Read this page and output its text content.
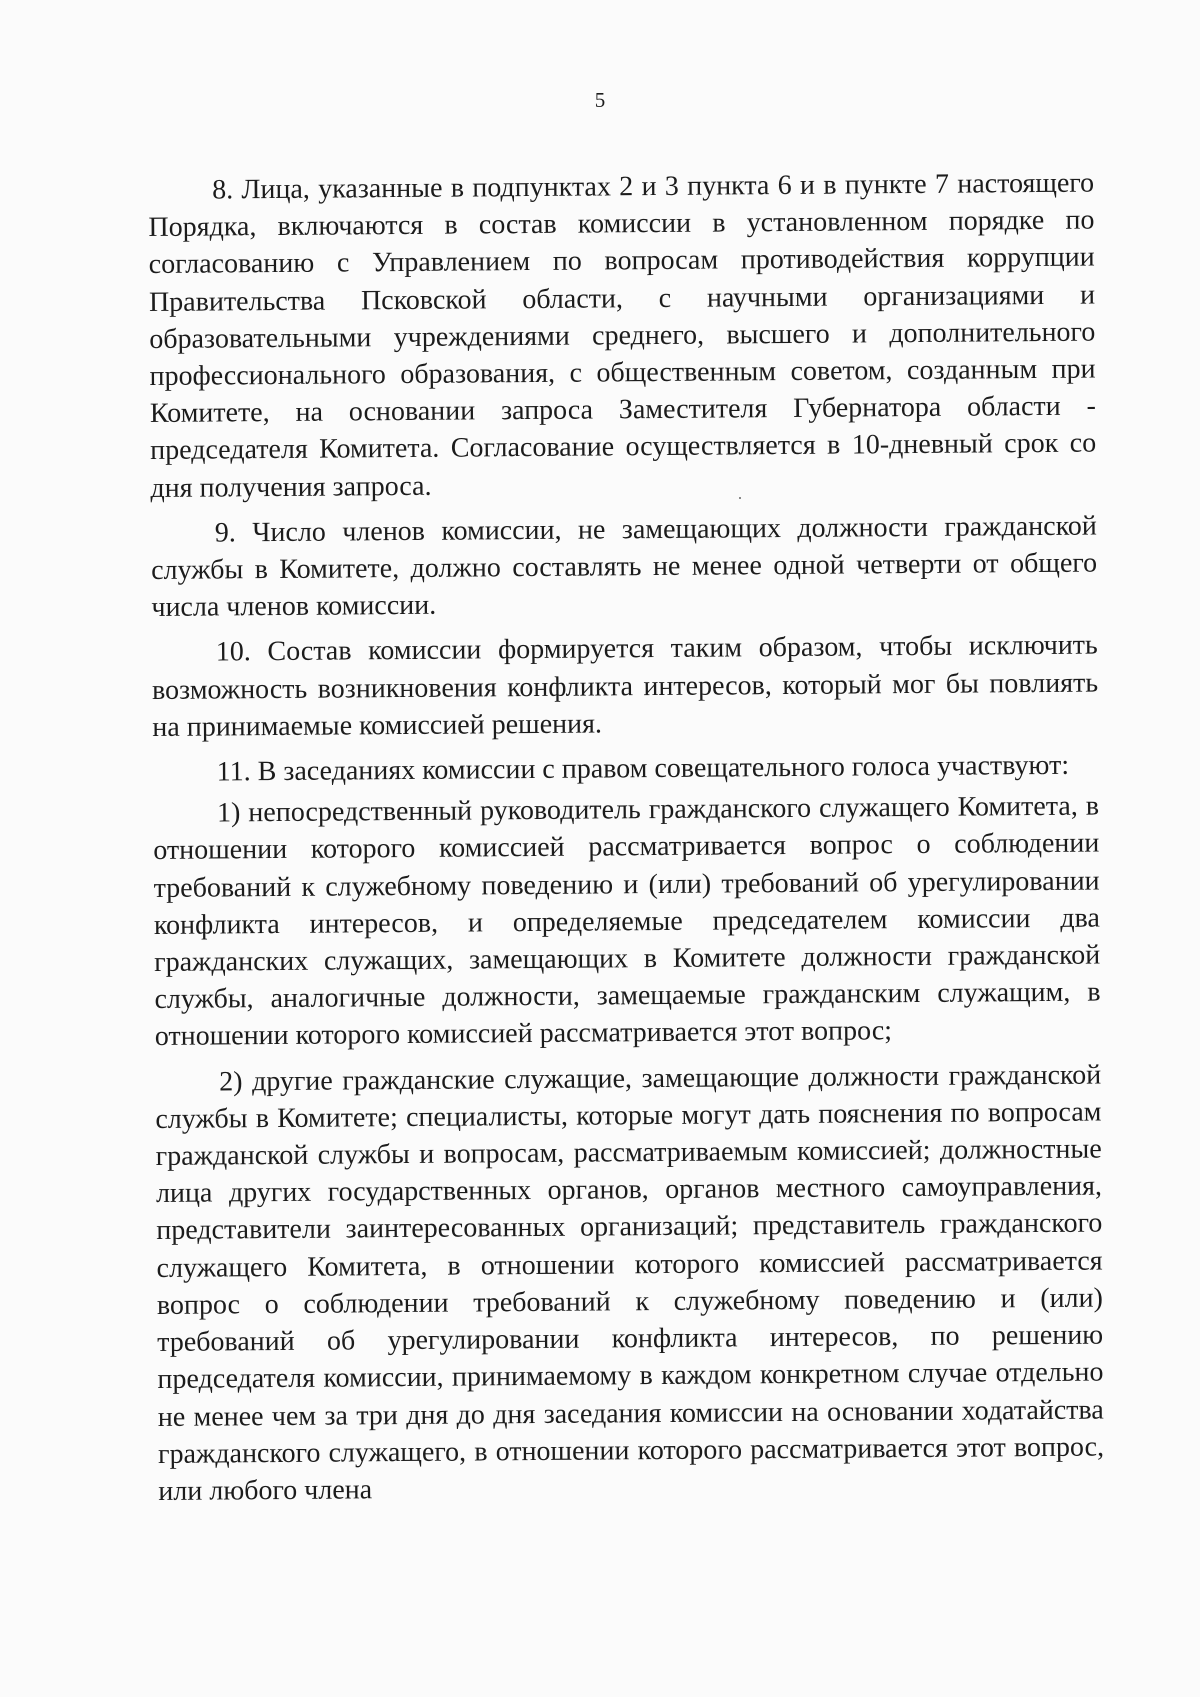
5

8. Лица, указанные в подпунктах 2 и 3 пункта 6 и в пункте 7 настоящего Порядка, включаются в состав комиссии в установленном порядке по согласованию с Управлением по вопросам противодействия коррупции Правительства Псковской области, с научными организациями и образовательными учреждениями среднего, высшего и дополнительного профессионального образования, с общественным советом, созданным при Комитете, на основании запроса Заместителя Губернатора области - председателя Комитета. Согласование осуществляется в 10-дневный срок со дня получения запроса.

9. Число членов комиссии, не замещающих должности гражданской службы в Комитете, должно составлять не менее одной четверти от общего числа членов комиссии.

10. Состав комиссии формируется таким образом, чтобы исключить возможность возникновения конфликта интересов, который мог бы повлиять на принимаемые комиссией решения.

11. В заседаниях комиссии с правом совещательного голоса участвуют:

1) непосредственный руководитель гражданского служащего Комитета, в отношении которого комиссией рассматривается вопрос о соблюдении требований к служебному поведению и (или) требований об урегулировании конфликта интересов, и определяемые председателем комиссии два гражданских служащих, замещающих в Комитете должности гражданской службы, аналогичные должности, замещаемые гражданским служащим, в отношении которого комиссией рассматривается этот вопрос;

2) другие гражданские служащие, замещающие должности гражданской службы в Комитете; специалисты, которые могут дать пояснения по вопросам гражданской службы и вопросам, рассматриваемым комиссией; должностные лица других государственных органов, органов местного самоуправления, представители заинтересованных организаций; представитель гражданского служащего Комитета, в отношении которого комиссией рассматривается вопрос о соблюдении требований к служебному поведению и (или) требований об урегулировании конфликта интересов, по решению председателя комиссии, принимаемому в каждом конкретном случае отдельно не менее чем за три дня до дня заседания комиссии на основании ходатайства гражданского служащего, в отношении которого рассматривается этот вопрос, или любого члена
